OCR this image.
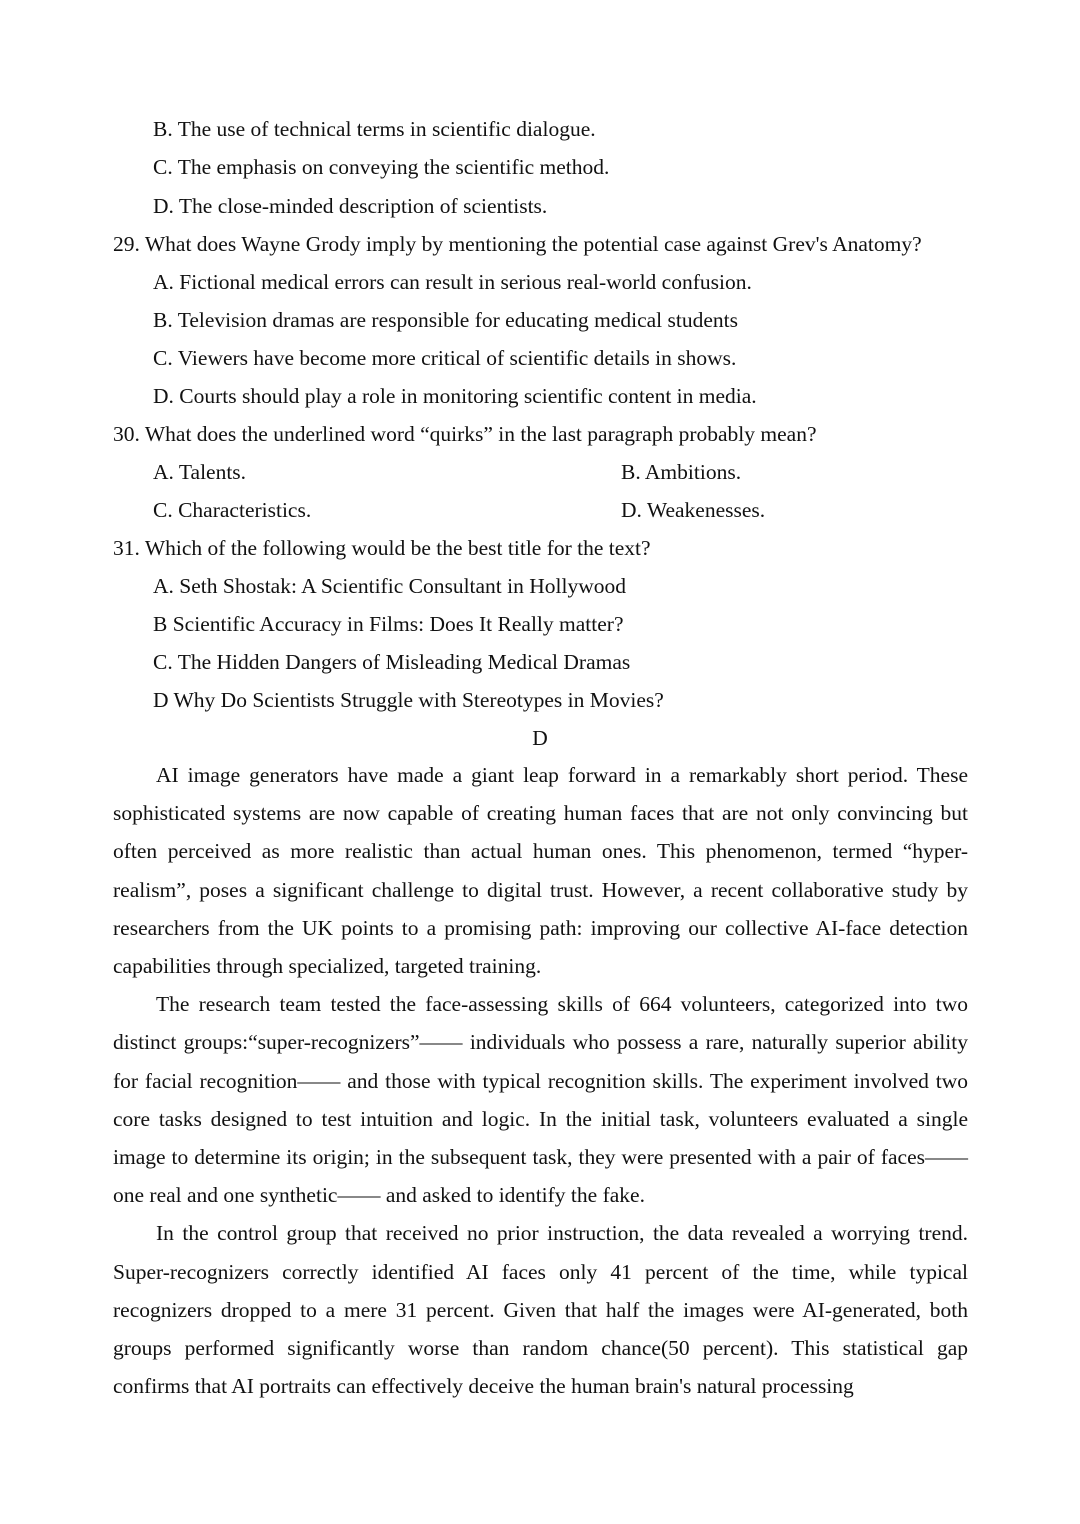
B. The use of technical terms in scientific dialogue.
C. The emphasis on conveying the scientific method.
D. The close-minded description of scientists.
29. What does Wayne Grody imply by mentioning the potential case against Grev's Anatomy?
A. Fictional medical errors can result in serious real-world confusion.
B. Television dramas are responsible for educating medical students
C. Viewers have become more critical of scientific details in shows.
D. Courts should play a role in monitoring scientific content in media.
30. What does the underlined word “quirks” in the last paragraph probably mean?
A. Talents.	B. Ambitions.
C. Characteristics.	D. Weakenesses.
31. Which of the following would be the best title for the text?
A. Seth Shostak: A Scientific Consultant in Hollywood
B Scientific Accuracy in Films: Does It Really matter?
C. The Hidden Dangers of Misleading Medical Dramas
D Why Do Scientists Struggle with Stereotypes in Movies?
D

AI image generators have made a giant leap forward in a remarkably short period. These sophisticated systems are now capable of creating human faces that are not only convincing but often perceived as more realistic than actual human ones. This phenomenon, termed “hyper-realism”, poses a significant challenge to digital trust. However, a recent collaborative study by researchers from the UK points to a promising path: improving our collective AI-face detection capabilities through specialized, targeted training.

The research team tested the face-assessing skills of 664 volunteers, categorized into two distinct groups:“super-recognizers”—— individuals who possess a rare, naturally superior ability for facial recognition—— and those with typical recognition skills. The experiment involved two core tasks designed to test intuition and logic. In the initial task, volunteers evaluated a single image to determine its origin; in the subsequent task, they were presented with a pair of faces—— one real and one synthetic—— and asked to identify the fake.

In the control group that received no prior instruction, the data revealed a worrying trend. Super-recognizers correctly identified AI faces only 41 percent of the time, while typical recognizers dropped to a mere 31 percent. Given that half the images were AI-generated, both groups performed significantly worse than random chance(50 percent). This statistical gap confirms that AI portraits can effectively deceive the human brain's natural processing
